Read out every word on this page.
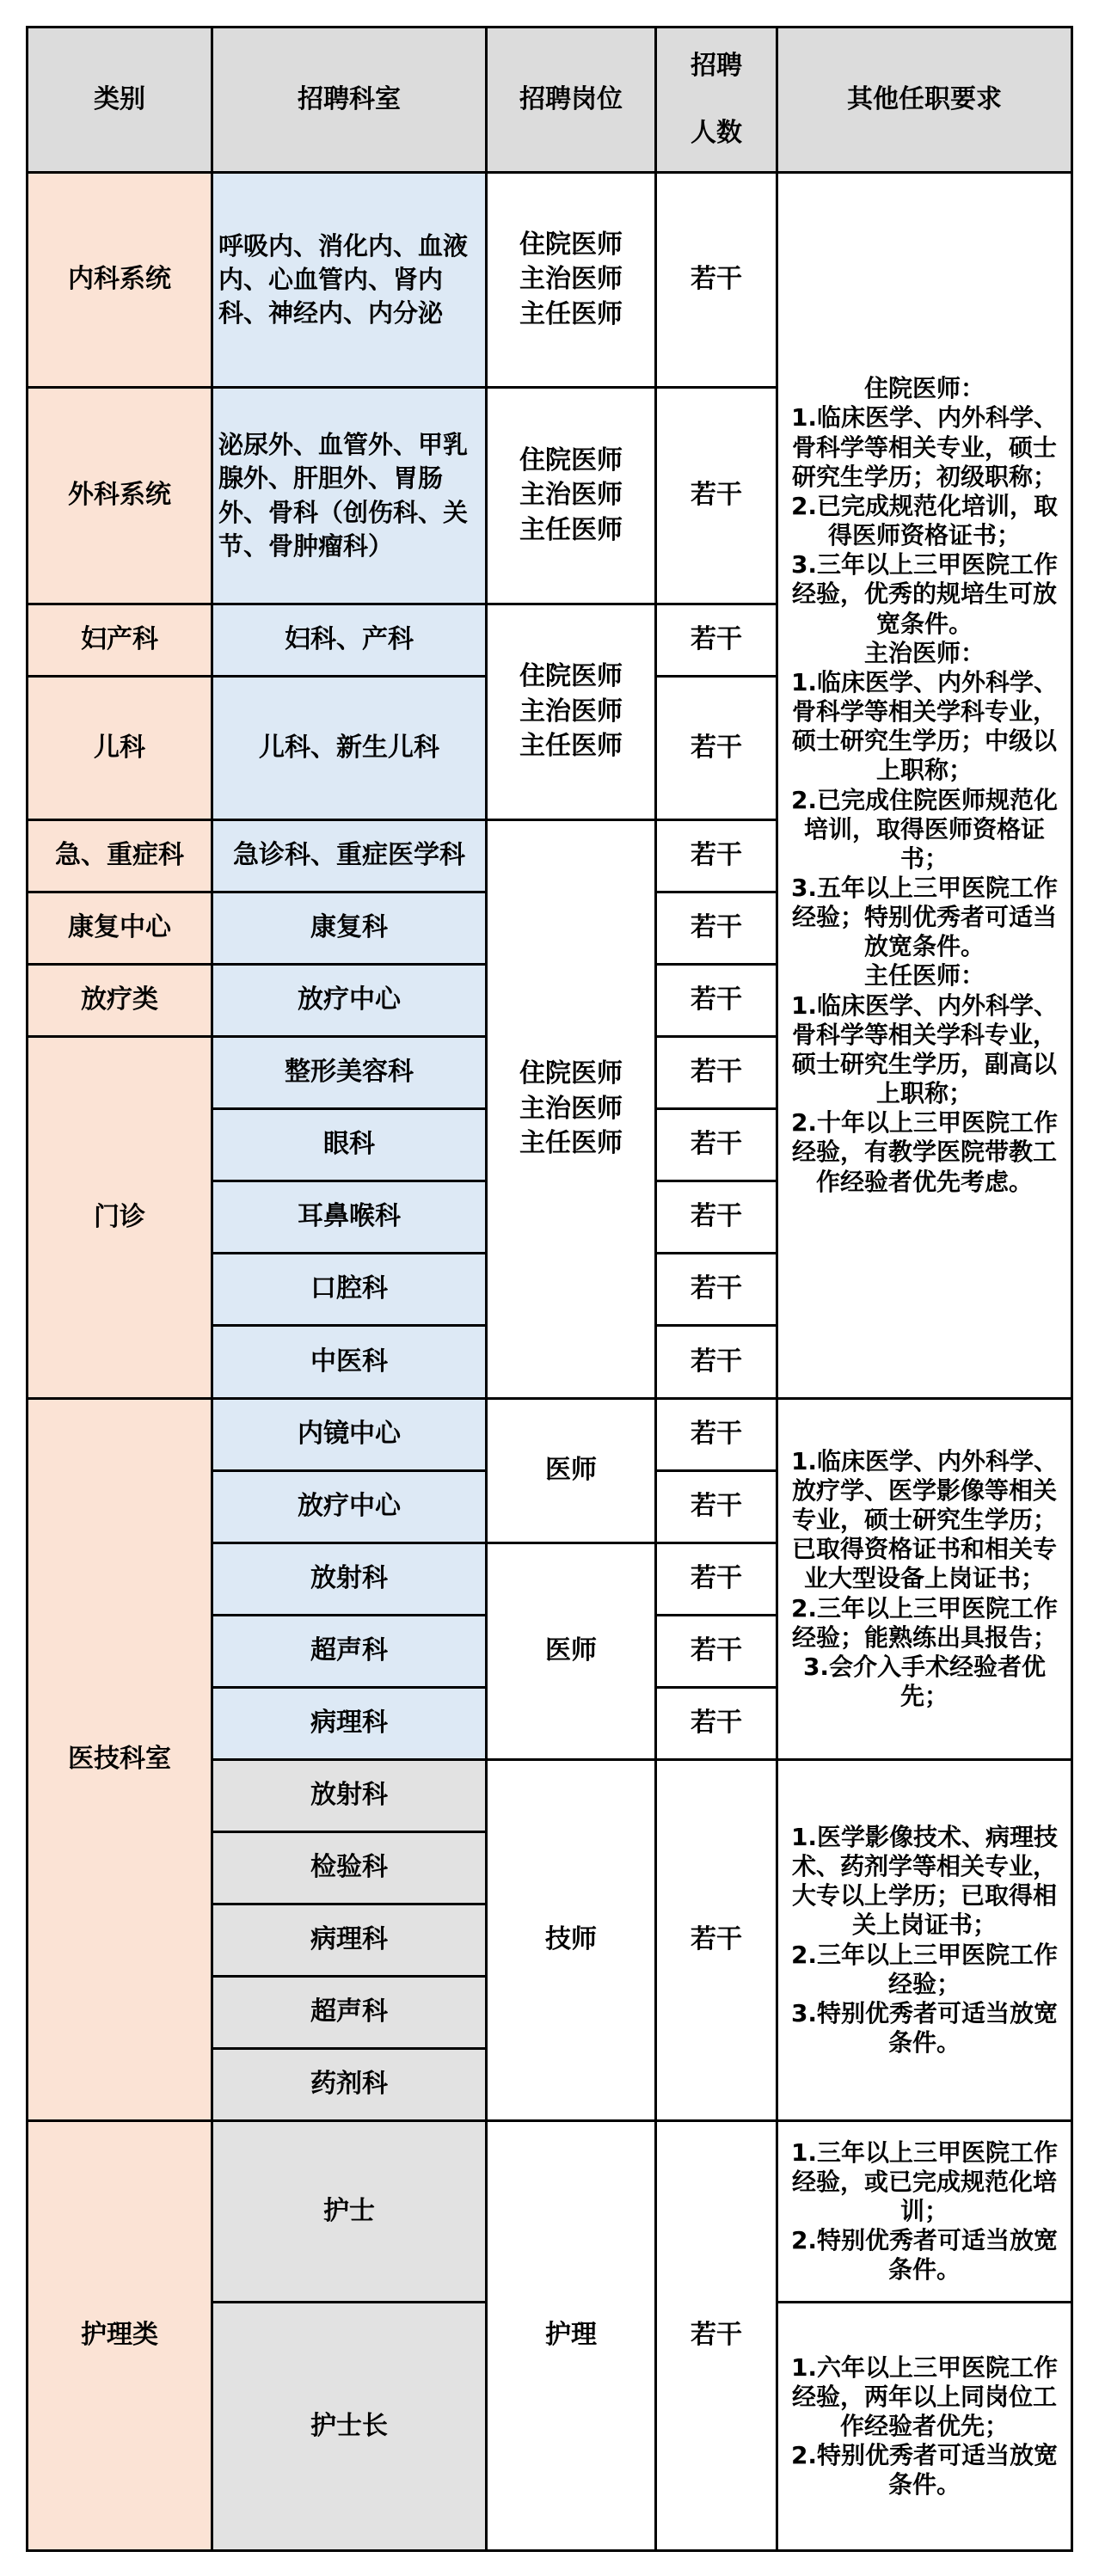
类别	招聘科室	招聘岗位
招聘
人数
其他任职要求
内科系统
外科系统
妇产科
儿科
急、重症科
康复中心
放疗类
门诊
医技科室
护理类
呼吸内、消化内、血液内、心血管内、肾内科、神经内、内分泌
泌尿外、血管外、甲乳腺外、肝胆外、胃肠外、骨科（创伤科、关节、骨肿瘤科）
妇科、产科
儿科、新生儿科
急诊科、重症医学科
康复科
放疗中心
整形美容科
眼科
耳鼻喉科
口腔科
中医科
内镜中心
放疗中心
放射科
超声科
病理科
放射科
检验科
病理科
超声科
药剂科
护士
护士长
住院医师
主治医师
主任医师
住院医师
主治医师
主任医师
住院医师
主治医师
主任医师
住院医师
主治医师
主任医师
医师
医师
技师
护理
若干
若干
若干
若干
若干
若干
若干
若干
若干
若干
若干
若干
若干
若干
若干
若干
若干
若干
若干
住院医师：
1.临床医学、内外科学、骨科学等相关专业，硕士研究生学历；初级职称；
2.已完成规范化培训，取得医师资格证书；
3.三年以上三甲医院工作经验，优秀的规培生可放宽条件。
主治医师：
1.临床医学、内外科学、骨科学等相关学科专业，硕士研究生学历；中级以上职称；
2.已完成住院医师规范化培训，取得医师资格证书；
3.五年以上三甲医院工作经验；特别优秀者可适当放宽条件。
主任医师：
1.临床医学、内外科学、骨科学等相关学科专业，硕士研究生学历，副高以上职称；
2.十年以上三甲医院工作经验，有教学医院带教工作经验者优先考虑。
1.临床医学、内外科学、放疗学、医学影像等相关专业，硕士研究生学历；已取得资格证书和相关专业大型设备上岗证书；
2.三年以上三甲医院工作经验；能熟练出具报告；
3.会介入手术经验者优先；
1.医学影像技术、病理技术、药剂学等相关专业，大专以上学历；已取得相关上岗证书；
2.三年以上三甲医院工作经验；
3.特别优秀者可适当放宽条件。
1.三年以上三甲医院工作经验，或已完成规范化培训；
2.特别优秀者可适当放宽条件。
1.六年以上三甲医院工作经验，两年以上同岗位工作经验者优先；
2.特别优秀者可适当放宽条件。
